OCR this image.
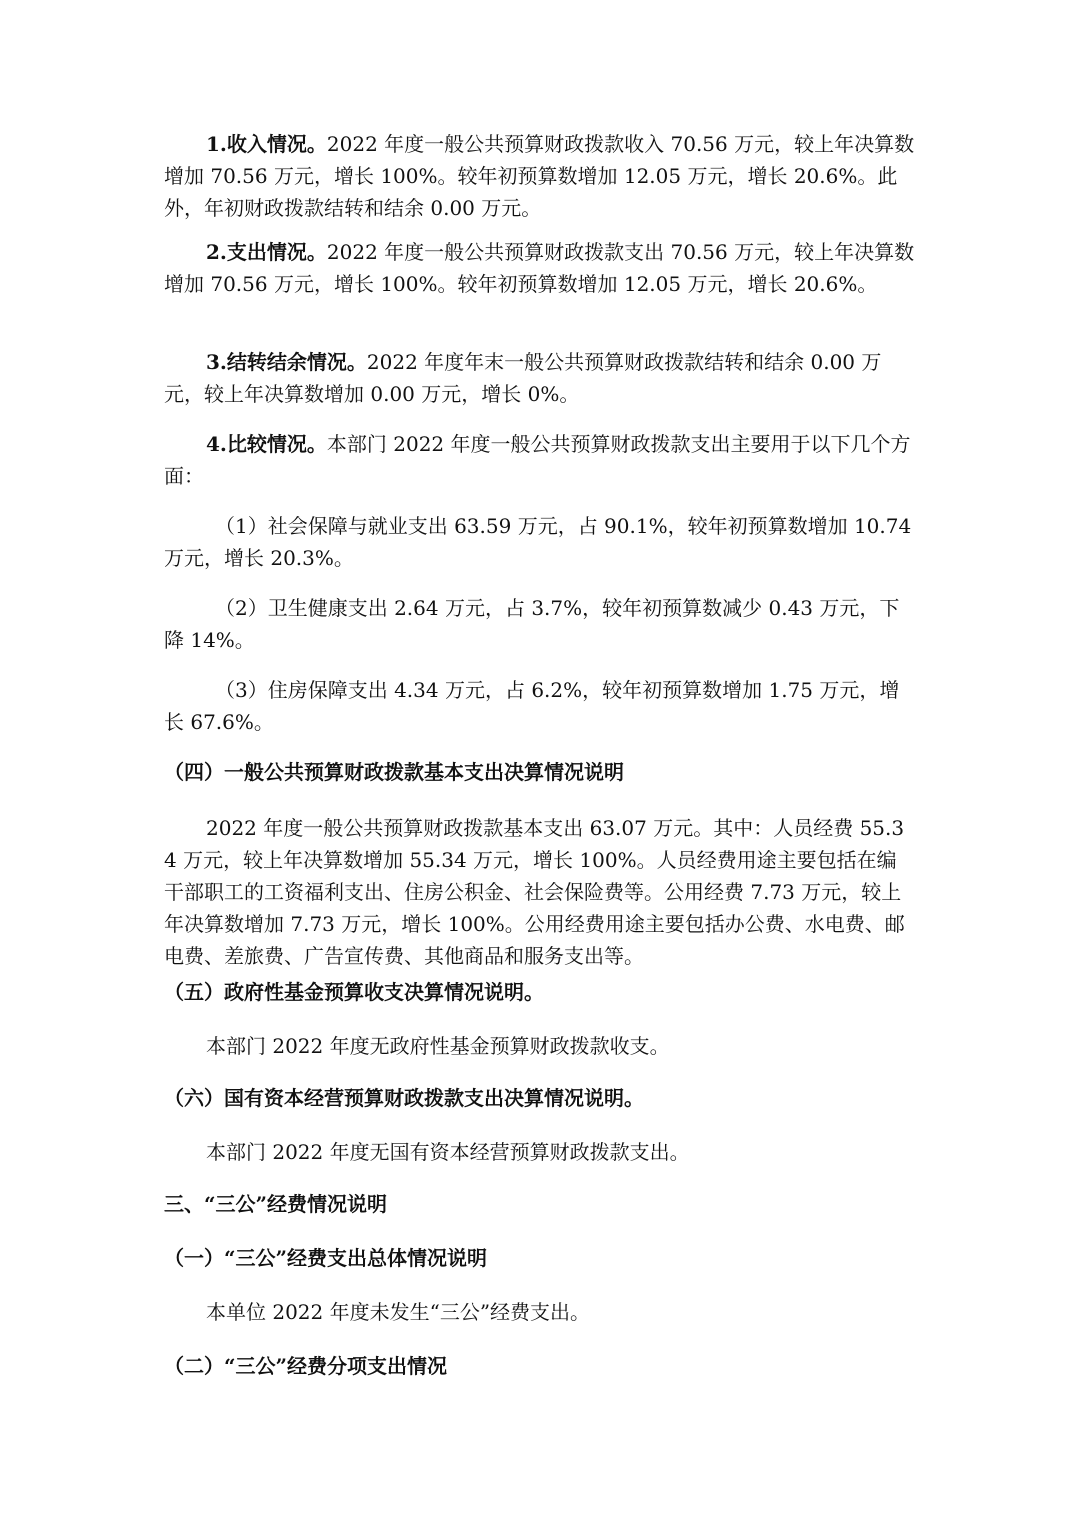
1.收入情况。2022 年度一般公共预算财政拨款收入 70.56 万元，较上年决算数增加 70.56 万元，增长 100%。较年初预算数增加 12.05 万元，增长 20.6%。此外，年初财政拨款结转和结余 0.00 万元。

2.支出情况。2022 年度一般公共预算财政拨款支出 70.56 万元，较上年决算数增加 70.56 万元，增长 100%。较年初预算数增加 12.05 万元，增长 20.6%。

3.结转结余情况。2022 年度年末一般公共预算财政拨款结转和结余 0.00 万元，较上年决算数增加 0.00 万元，增长 0%。

4.比较情况。本部门 2022 年度一般公共预算财政拨款支出主要用于以下几个方面：

（1）社会保障与就业支出 63.59 万元，占 90.1%，较年初预算数增加 10.74 万元，增长 20.3%。

（2）卫生健康支出 2.64 万元，占 3.7%，较年初预算数减少 0.43 万元，下降 14%。

（3）住房保障支出 4.34 万元，占 6.2%，较年初预算数增加 1.75 万元，增长 67.6%。

（四）一般公共预算财政拨款基本支出决算情况说明

2022 年度一般公共预算财政拨款基本支出 63.07 万元。其中：人员经费 55.34 万元，较上年决算数增加 55.34 万元，增长 100%。人员经费用途主要包括在编干部职工的工资福利支出、住房公积金、社会保险费等。公用经费 7.73 万元，较上年决算数增加 7.73 万元，增长 100%。公用经费用途主要包括办公费、水电费、邮电费、差旅费、广告宣传费、其他商品和服务支出等。

（五）政府性基金预算收支决算情况说明。

本部门 2022 年度无政府性基金预算财政拨款收支。

（六）国有资本经营预算财政拨款支出决算情况说明。

本部门 2022 年度无国有资本经营预算财政拨款支出。

三、“三公”经费情况说明

（一）“三公”经费支出总体情况说明

本单位 2022 年度未发生“三公”经费支出。

（二）“三公”经费分项支出情况
